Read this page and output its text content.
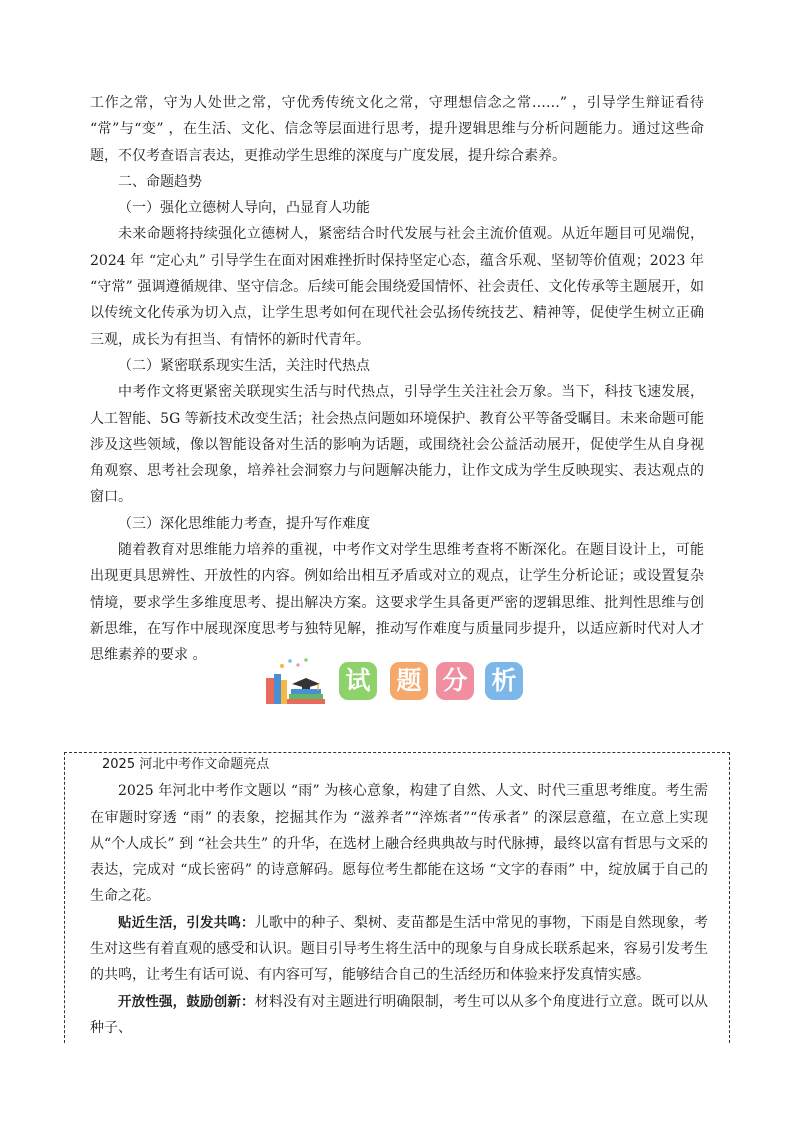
工作之常，守为人处世之常，守优秀传统文化之常，守理想信念之常……” ，引导学生辩证看待 “常”与“变” ，在生活、文化、信念等层面进行思考，提升逻辑思维与分析问题能力。通过这些命题，不仅考查语言表达，更推动学生思维的深度与广度发展，提升综合素养。

二、命题趋势

（一）强化立德树人导向，凸显育人功能

未来命题将持续强化立德树人，紧密结合时代发展与社会主流价值观。从近年题目可见端倪，2024 年 “定心丸” 引导学生在面对困难挫折时保持坚定心态，蕴含乐观、坚韧等价值观；2023 年 “守常” 强调遵循规律、坚守信念。后续可能会围绕爱国情怀、社会责任、文化传承等主题展开，如以传统文化传承为切入点，让学生思考如何在现代社会弘扬传统技艺、精神等，促使学生树立正确三观，成长为有担当、有情怀的新时代青年。

（二）紧密联系现实生活，关注时代热点

中考作文将更紧密关联现实生活与时代热点，引导学生关注社会万象。当下，科技飞速发展，人工智能、5G 等新技术改变生活；社会热点问题如环境保护、教育公平等备受瞩目。未来命题可能涉及这些领域，像以智能设备对生活的影响为话题，或围绕社会公益活动展开，促使学生从自身视角观察、思考社会现象，培养社会洞察力与问题解决能力，让作文成为学生反映现实、表达观点的窗口。

（三）深化思维能力考查，提升写作难度

随着教育对思维能力培养的重视，中考作文对学生思维考查将不断深化。在题目设计上，可能出现更具思辨性、开放性的内容。例如给出相互矛盾或对立的观点，让学生分析论证；或设置复杂情境，要求学生多维度思考、提出解决方案。这要求学生具备更严密的逻辑思维、批判性思维与创新思维，在写作中展现深度思考与独特见解，推动写作难度与质量同步提升，以适应新时代对人才思维素养的要求 。

试 题 分 析

2025 河北中考作文命题亮点

2025 年河北中考作文题以 “雨” 为核心意象，构建了自然、人文、时代三重思考维度。考生需在审题时穿透 “雨” 的表象，挖掘其作为 “滋养者”“淬炼者”“传承者” 的深层意蕴，在立意上实现从“个人成长” 到 “社会共生” 的升华，在选材上融合经典典故与时代脉搏，最终以富有哲思与文采的表达，完成对 “成长密码” 的诗意解码。愿每位考生都能在这场 “文字的春雨” 中，绽放属于自己的生命之花。

贴近生活，引发共鸣：儿歌中的种子、梨树、麦苗都是生活中常见的事物，下雨是自然现象，考生对这些有着直观的感受和认识。题目引导考生将生活中的现象与自身成长联系起来，容易引发考生的共鸣，让考生有话可说、有内容可写，能够结合自己的生活经历和体验来抒发真情实感。

开放性强，鼓励创新：材料没有对主题进行明确限制，考生可以从多个角度进行立意。既可以从种子、
